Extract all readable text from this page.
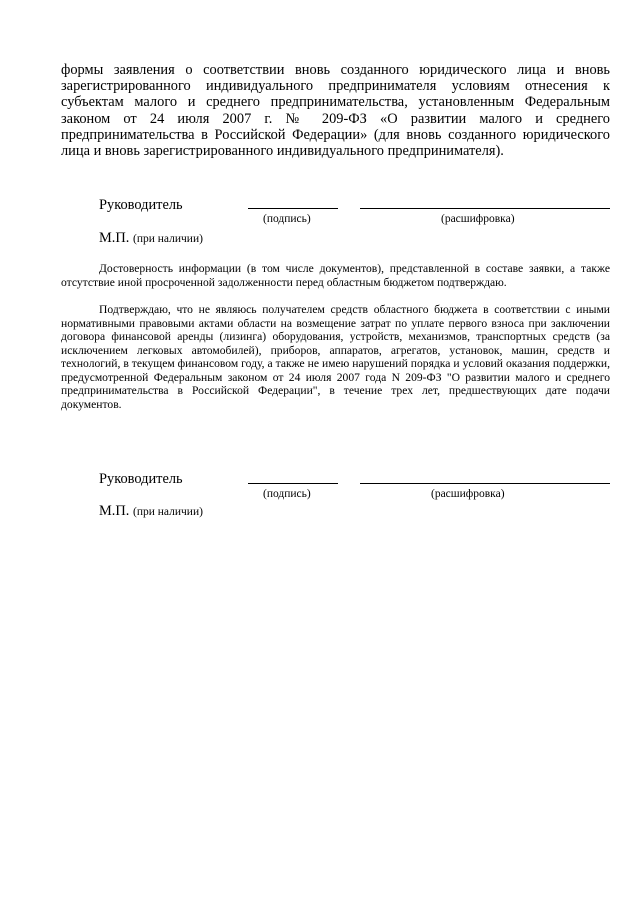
формы заявления о соответствии вновь созданного юридического лица и вновь зарегистрированного индивидуального предпринимателя условиям отнесения к субъектам малого и среднего предпринимательства, установленным Федеральным законом от 24 июля 2007 г. № 209-ФЗ «О развитии малого и среднего предпринимательства в Российской Федерации» (для вновь созданного юридического лица и вновь зарегистрированного индивидуального предпринимателя).

Руководитель
(подпись)	(расшифровка)
М.П. (при наличии)

Достоверность информации (в том числе документов), представленной в составе заявки, а также отсутствие иной просроченной задолженности перед областным бюджетом подтверждаю.

Подтверждаю, что не являюсь получателем средств областного бюджета в соответствии с иными нормативными правовыми актами области на возмещение затрат по уплате первого взноса при заключении договора финансовой аренды (лизинга) оборудования, устройств, механизмов, транспортных средств (за исключением легковых автомобилей), приборов, аппаратов, агрегатов, установок, машин, средств и технологий, в текущем финансовом году, а также не имею нарушений порядка и условий оказания поддержки, предусмотренной Федеральным законом от 24 июля 2007 года N 209-ФЗ "О развитии малого и среднего предпринимательства в Российской Федерации", в течение трех лет, предшествующих дате подачи документов.

Руководитель
(подпись)	(расшифровка)
М.П. (при наличии)
